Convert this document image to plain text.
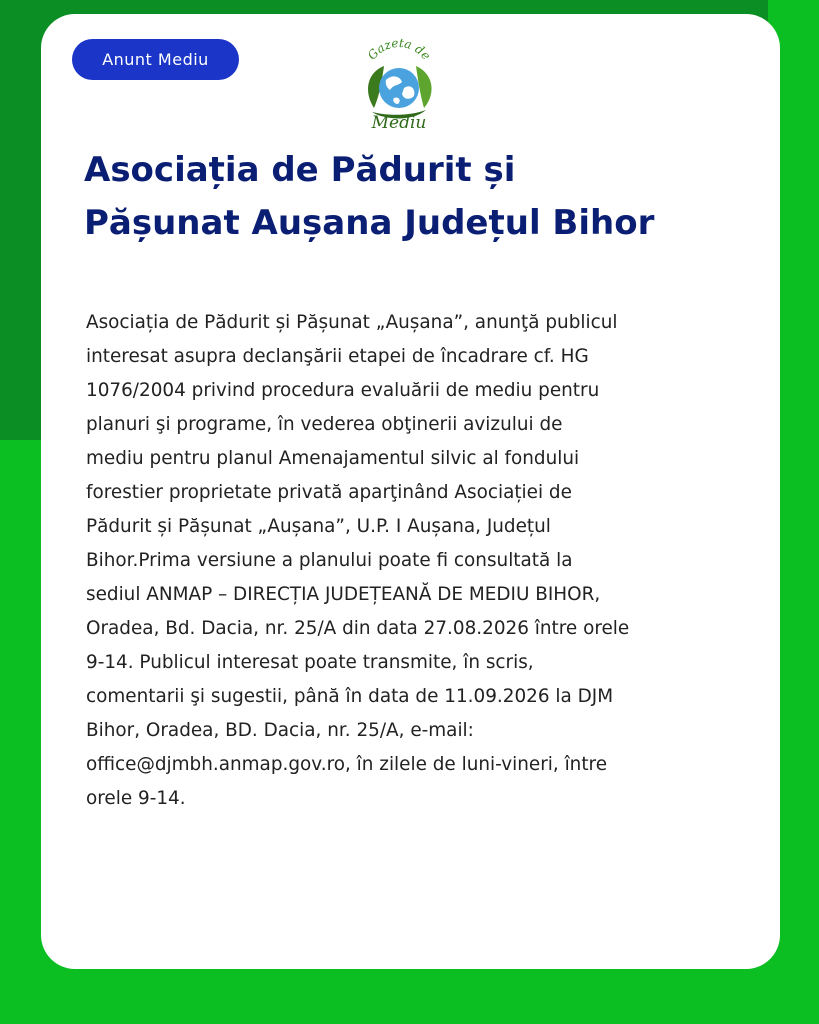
Anunt Mediu	Gazeta de
Mediu
Asociația de Pădurit și
Pășunat Aușana Județul Bihor
Asociația de Pădurit și Pășunat „Aușana”, anunţă publicul
interesat asupra declanşării etapei de încadrare cf. HG
1076/2004 privind procedura evaluării de mediu pentru
planuri şi programe, în vederea obţinerii avizului de
mediu pentru planul Amenajamentul silvic al fondului
forestier proprietate privată aparţinând Asociației de
Pădurit și Pășunat „Aușana”, U.P. I Aușana, Județul
Bihor.Prima versiune a planului poate fi consultată la
sediul ANMAP – DIRECȚIA JUDEȚEANĂ DE MEDIU BIHOR,
Oradea, Bd. Dacia, nr. 25/A din data 27.08.2026 între orele
9-14. Publicul interesat poate transmite, în scris,
comentarii şi sugestii, până în data de 11.09.2026 la DJM
Bihor, Oradea, BD. Dacia, nr. 25/A, e-mail:
office@djmbh.anmap.gov.ro, în zilele de luni-vineri, între
orele 9-14.
